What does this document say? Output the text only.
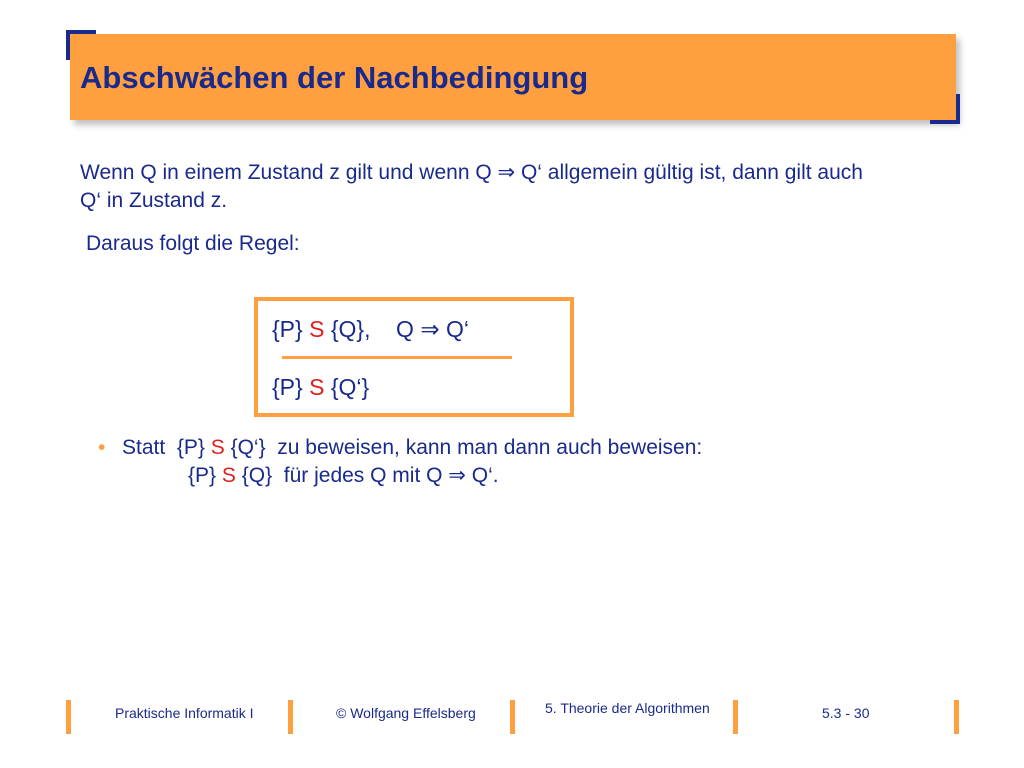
Abschwächen der Nachbedingung
Wenn Q in einem Zustand z gilt und wenn Q ⇒ Q‘ allgemein gültig ist, dann gilt auch
Q‘ in Zustand z.
Daraus folgt die Regel:
{P} S {Q},    Q ⇒ Q‘
{P} S {Q‘}
• Statt  {P} S {Q‘}  zu beweisen, kann man dann auch beweisen:
{P} S {Q}  für jedes Q mit Q ⇒ Q‘.
Praktische Informatik I	© Wolfgang Effelsberg	5. Theorie der Algorithmen	5.3 - 30
